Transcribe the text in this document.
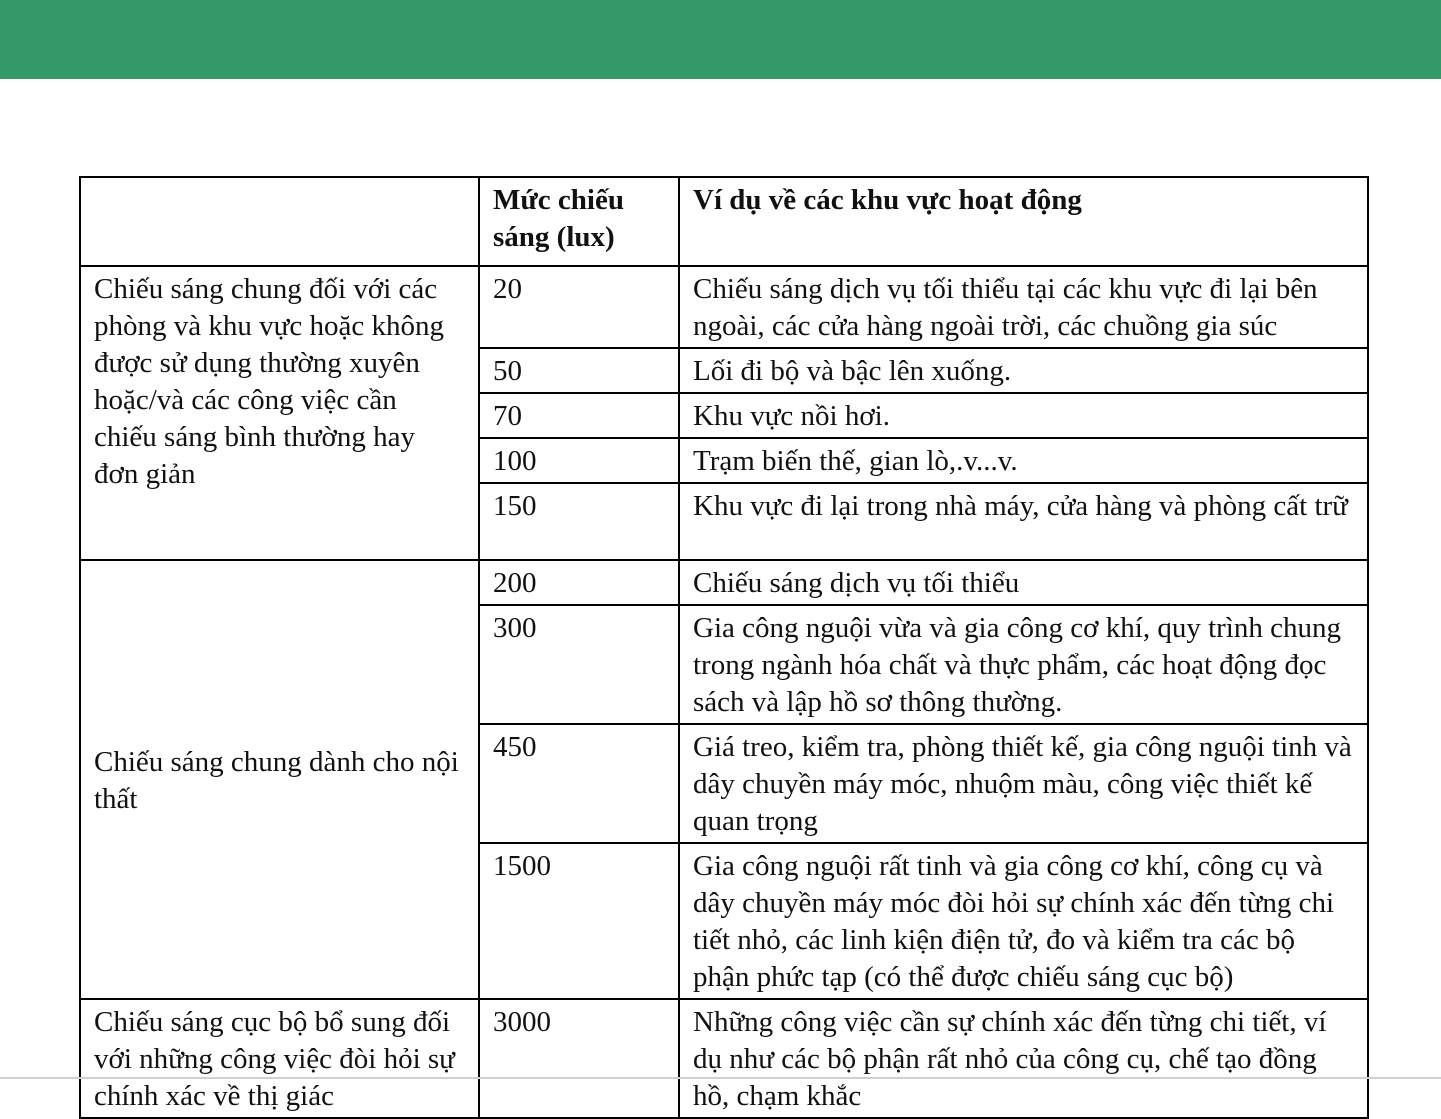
	Mức chiếu sáng (lux)	Ví dụ về các khu vực hoạt động
Chiếu sáng chung đối với các phòng và khu vực hoặc không được sử dụng thường xuyên hoặc/và các công việc cần chiếu sáng bình thường hay đơn giản	20	Chiếu sáng dịch vụ tối thiểu tại các khu vực đi lại bên ngoài, các cửa hàng ngoài trời, các chuồng gia súc
	50	Lối đi bộ và bậc lên xuống.
	70	Khu vực nồi hơi.
	100	Trạm biến thế, gian lò,.v...v.
	150	Khu vực đi lại trong nhà máy, cửa hàng và phòng cất trữ
Chiếu sáng chung dành cho nội thất	200	Chiếu sáng dịch vụ tối thiểu
	300	Gia công nguội vừa và gia công cơ khí, quy trình chung trong ngành hóa chất và thực phẩm, các hoạt động đọc sách và lập hồ sơ thông thường.
	450	Giá treo, kiểm tra, phòng thiết kế, gia công nguội tinh và dây chuyền máy móc, nhuộm màu, công việc thiết kế quan trọng
	1500	Gia công nguội rất tinh và gia công cơ khí, công cụ và dây chuyền máy móc đòi hỏi sự chính xác đến từng chi tiết nhỏ, các linh kiện điện tử, đo và kiểm tra các bộ phận phức tạp (có thể được chiếu sáng cục bộ)
Chiếu sáng cục bộ bổ sung đối với những công việc đòi hỏi sự chính xác về thị giác	3000	Những công việc cần sự chính xác đến từng chi tiết, ví dụ như các bộ phận rất nhỏ của công cụ, chế tạo đồng hồ, chạm khắc
